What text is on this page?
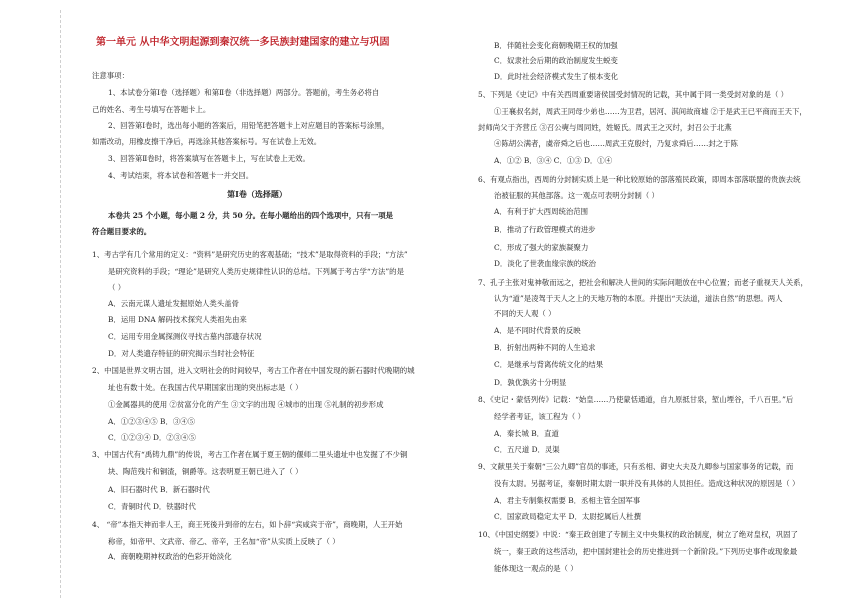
第一单元 从中华文明起源到秦汉统一多民族封建国家的建立与巩固
注意事项：
1、本试卷分第Ⅰ卷（选择题）和第Ⅱ卷（非选择题）两部分。答题前，考生务必将自
己的姓名、考生号填写在答题卡上。
2、回答第Ⅰ卷时，选出每小题的答案后，用铅笔把答题卡上对应题目的答案标号涂黑，
如需改动，用橡皮擦干净后，再选涂其他答案标号。写在试卷上无效。
3、回答第Ⅱ卷时，将答案填写在答题卡上，写在试卷上无效。
4、考试结束，将本试卷和答题卡一并交回。
第Ⅰ卷（选择题）
本卷共 25 个小题，每小题 2 分，共 50 分。在每小题给出的四个选项中，只有一项是
符合题目要求的。
1、考古学有几个常用的定义：“资料”是研究历史的客观基础；“技术”是取得资料的手段；“方法”
是研究资料的手段；“理论”是研究人类历史规律性认识的总结。下列属于考古学“方法”的是
（ ）
A．云南元谋人遗址发掘原始人类头盖骨
B．运用 DNA 解码技术探究人类祖先由来
C．运用专用金属探测仪寻找古墓内部遗存状况
D．对人类遗存特征的研究揭示当时社会特征
2、中国是世界文明古国，进入文明社会的时间较早，考古工作者在中国发现的新石器时代晚期的城
址也有数十处。在我国古代早期国家出现的突出标志是（ ）
①金属器具的使用 ②贫富分化的产生 ③文字的出现 ④城市的出现 ⑤礼制的初步形成
A．①②③④⑤ B．③④⑤
C．①②③④ D．②③④⑤
3、中国古代有“禹铸九鼎”的传说，考古工作者在属于夏王朝的偃师二里头遗址中也发掘了不少铜
块、陶范残片和铜渣，铜爵等。这表明夏王朝已进入了（ ）
A．旧石器时代 B．新石器时代
C．青铜时代 D．铁器时代
4、 “帝”本指天神而非人王，商王死後升到帝的左右，如卜辞“宾咸宾于帝”，商晚期，人王开始
称帝，如帝甲、文武帝、帝乙、帝辛，王名加“帝”从实质上反映了（ ）
A．商朝晚期神权政治的色彩开始淡化
B．伴随社会变化商朝晚期王权的加强
C．奴隶社会后期的政治制度发生蜕变
D．此时社会经济模式发生了根本变化
5、下列是《史记》中有关西周重要诸侯国受封情况的记载，其中属于同一类受封对象的是（ ）
①王襄叔名封，周武王同母少弟也……为卫君，居河、淇间故商墟 ②于是武王已平商而王天下，
封师尚父于齐营丘 ③召公奭与周同姓，姓姬氏。周武王之灭纣，封召公于北燕
④陈胡公满者，虞帝舜之后也……周武王克殷纣，乃复求舜后……封之于陈
A．①② B．③④ C．①③ D．①④
6、有观点指出，西周的分封制实质上是一种比较原始的部落殖民政策，即周本部落联盟的贵族去统
治被征服的其他部落。这一观点可表明分封制（ ）
A．有利于扩大西周统治范围
B．推动了行政管理模式的进步
C．形成了强大的家族凝聚力
D．淡化了世袭血缘宗族的统治
7、孔子主张对鬼神敬而远之，把社会和解决人世间的实际问题放在中心位置；而老子重视天人关系，
认为“道”是凌驾于天人之上的天地万物的本原。并提出“天法道，道法自然”的思想。两人
不同的天人观（ ）
A．是不同时代背景的反映
B．折射出两种不同的人生追求
C．是继承与背离传统文化的结果
D．孰优孰劣十分明显
8、《史记・蒙恬列传》记载：“始皇……乃使蒙恬通道，自九原抵甘泉，堑山堙谷，千八百里。”后
经学者考证，该工程为（ ）
A．秦长城 B．直道
C．五尺道 D．灵渠
9、文献里关于秦朝“三公九卿”官员的事迹，只有丞相、御史大夫及九卿参与国家事务的记载，而
没有太尉。另据考证，秦朝时期太尉一职并没有具体的人员担任。造成这种状况的原因是（ ）
A．君主专制集权需要 B．丞相主管全国军事
C．国家政局稳定太平 D．太尉挖属后人杜撰
10、《中国史纲要》中说：“秦王政创建了专制主义中央集权的政治制度，树立了绝对皇权，巩固了
统一，秦王政的这些活动，把中国封建社会的历史推进到一个新阶段。”下列历史事件或现象最
能体现这一观点的是（ ）
